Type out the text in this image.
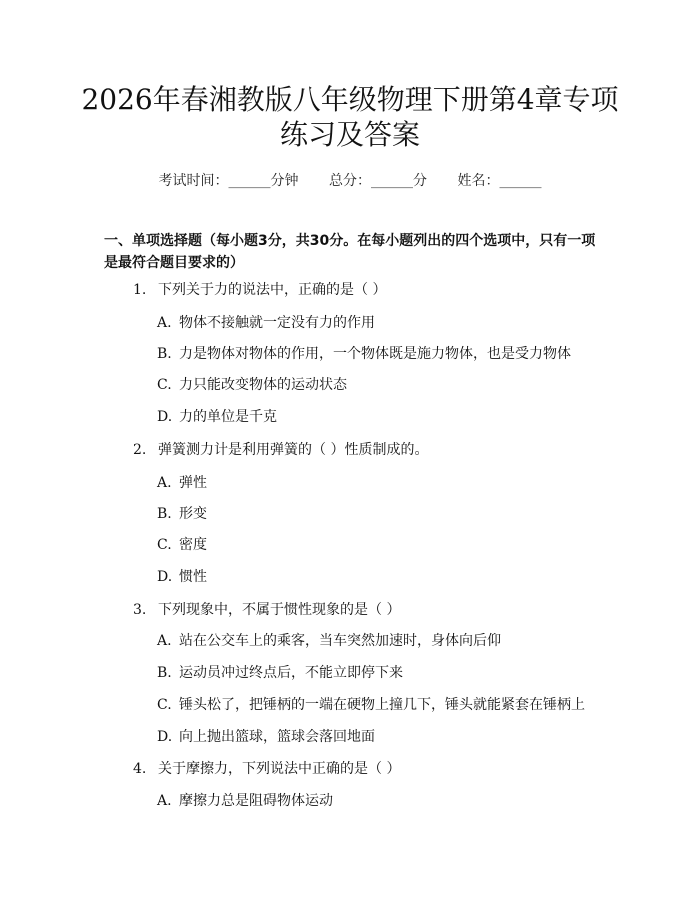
2026年春湘教版八年级物理下册第4章专项
练习及答案
考试时间：______分钟 总分：______分 姓名：______
一、单项选择题（每小题3分，共30分。在每小题列出的四个选项中，只有一项是最符合题目要求的）
1. 下列关于力的说法中，正确的是（ ）
A. 物体不接触就一定没有力的作用
B. 力是物体对物体的作用，一个物体既是施力物体，也是受力物体
C. 力只能改变物体的运动状态
D. 力的单位是千克
2. 弹簧测力计是利用弹簧的（ ）性质制成的。
A. 弹性
B. 形变
C. 密度
D. 惯性
3. 下列现象中，不属于惯性现象的是（ ）
A. 站在公交车上的乘客，当车突然加速时，身体向后仰
B. 运动员冲过终点后，不能立即停下来
C. 锤头松了，把锤柄的一端在硬物上撞几下，锤头就能紧套在锤柄上
D. 向上抛出篮球，篮球会落回地面
4. 关于摩擦力，下列说法中正确的是（ ）
A. 摩擦力总是阻碍物体运动
